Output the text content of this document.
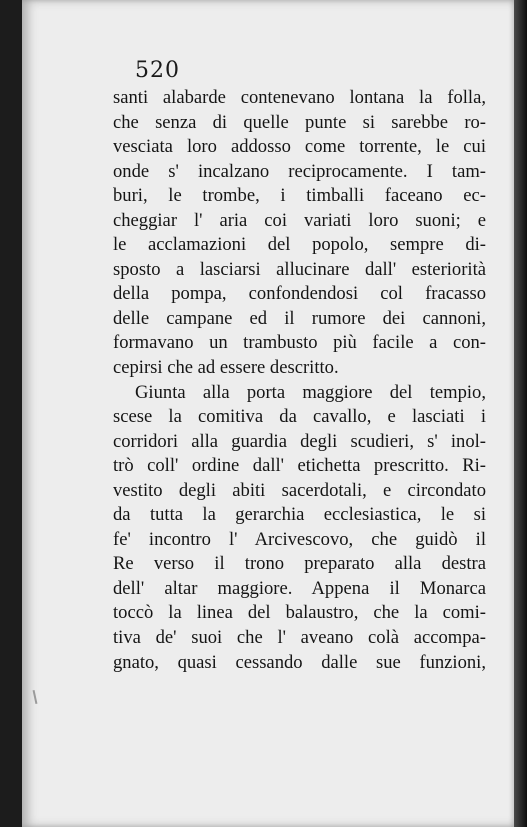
520
santi alabarde contenevano lontana la folla,
che senza di quelle punte si sarebbe ro-
vesciata loro addosso come torrente, le cui
onde s' incalzano reciprocamente. I tam-
buri, le trombe, i timballi faceano ec-
cheggiar l' aria coi variati loro suoni; e
le acclamazioni del popolo, sempre di-
sposto a lasciarsi allucinare dall' esteriorità
della pompa, confondendosi col fracasso
delle campane ed il rumore dei cannoni,
formavano un trambusto più facile a con-
cepirsi che ad essere descritto.
Giunta alla porta maggiore del tempio,
scese la comitiva da cavallo, e lasciati i
corridori alla guardia degli scudieri, s' inol-
trò coll' ordine dall' etichetta prescritto. Ri-
vestito degli abiti sacerdotali, e circondato
da tutta la gerarchia ecclesiastica, le si
fe' incontro l' Arcivescovo, che guidò il
Re verso il trono preparato alla destra
dell' altar maggiore. Appena il Monarca
toccò la linea del balaustro, che la comi-
tiva de' suoi che l' aveano colà accompa-
gnato, quasi cessando dalle sue funzioni,
